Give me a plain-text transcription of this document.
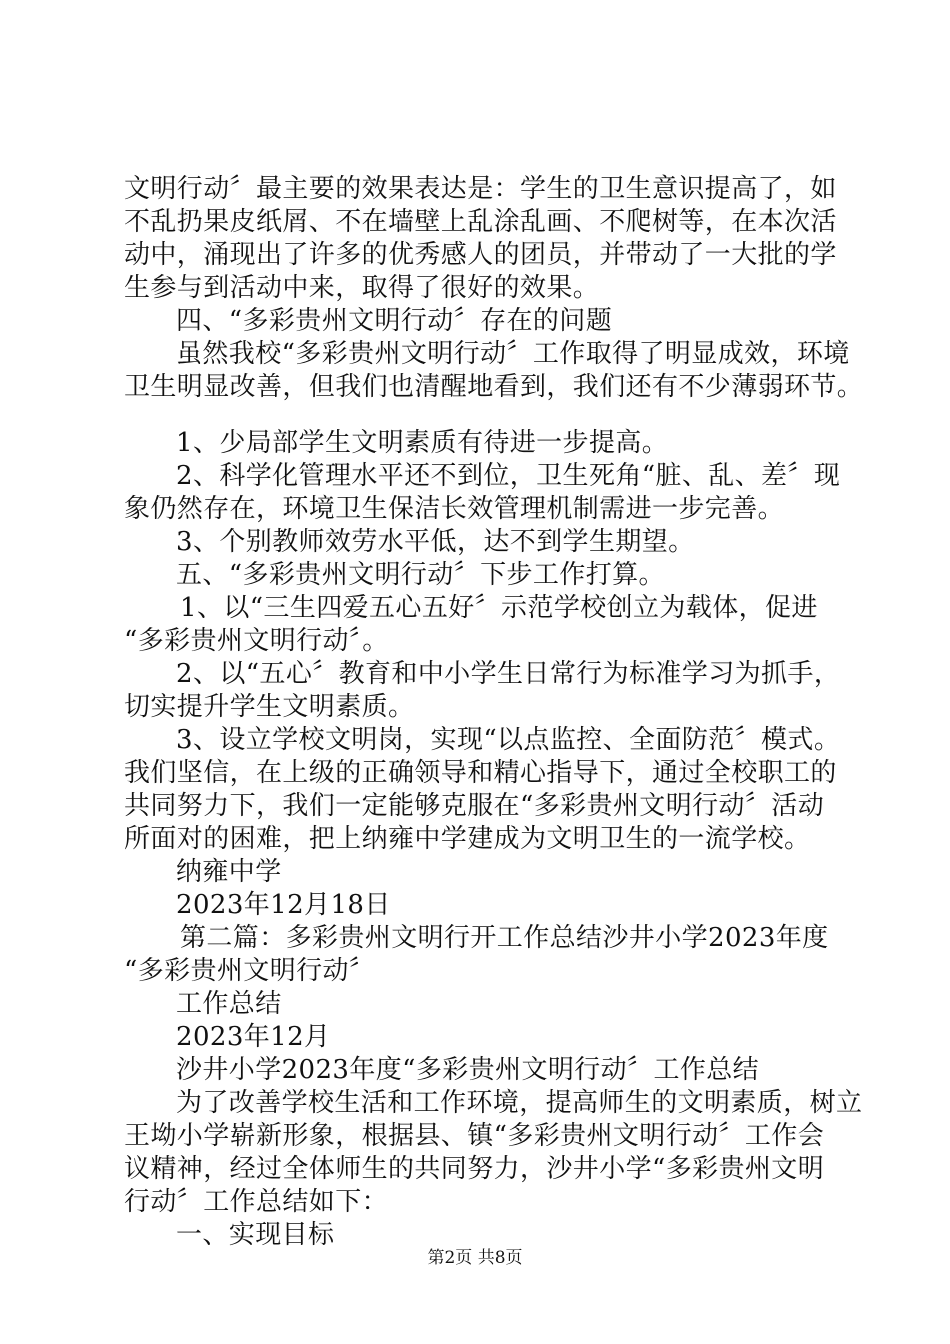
文明行动〞最主要的效果表达是：学生的卫生意识提高了，如
不乱扔果皮纸屑、不在墙壁上乱涂乱画、不爬树等，在本次活
动中，涌现出了许多的优秀感人的团员，并带动了一大批的学
生参与到活动中来，取得了很好的效果。
四、“多彩贵州文明行动〞存在的问题
虽然我校“多彩贵州文明行动〞工作取得了明显成效，环境
卫生明显改善，但我们也清醒地看到，我们还有不少薄弱环节。
1、少局部学生文明素质有待进一步提高。
2、科学化管理水平还不到位，卫生死角“脏、乱、差〞现
象仍然存在，环境卫生保洁长效管理机制需进一步完善。
3、个别教师效劳水平低，达不到学生期望。
五、“多彩贵州文明行动〞下步工作打算。
1、以“三生四爱五心五好〞示范学校创立为载体，促进
“多彩贵州文明行动〞。
2、以“五心〞教育和中小学生日常行为标准学习为抓手，
切实提升学生文明素质。
3、设立学校文明岗，实现“以点监控、全面防范〞模式。
我们坚信，在上级的正确领导和精心指导下，通过全校职工的
共同努力下，我们一定能够克服在“多彩贵州文明行动〞活动
所面对的困难，把上纳雍中学建成为文明卫生的一流学校。
纳雍中学
2023年12月18日
第二篇：多彩贵州文明行开工作总结沙井小学2023年度
“多彩贵州文明行动〞
工作总结
2023年12月
沙井小学2023年度“多彩贵州文明行动〞工作总结
为了改善学校生活和工作环境，提高师生的文明素质，树立
王坳小学崭新形象，根据县、镇“多彩贵州文明行动〞工作会
议精神，经过全体师生的共同努力，沙井小学“多彩贵州文明
行动〞工作总结如下：
一、实现目标
第2页 共8页
